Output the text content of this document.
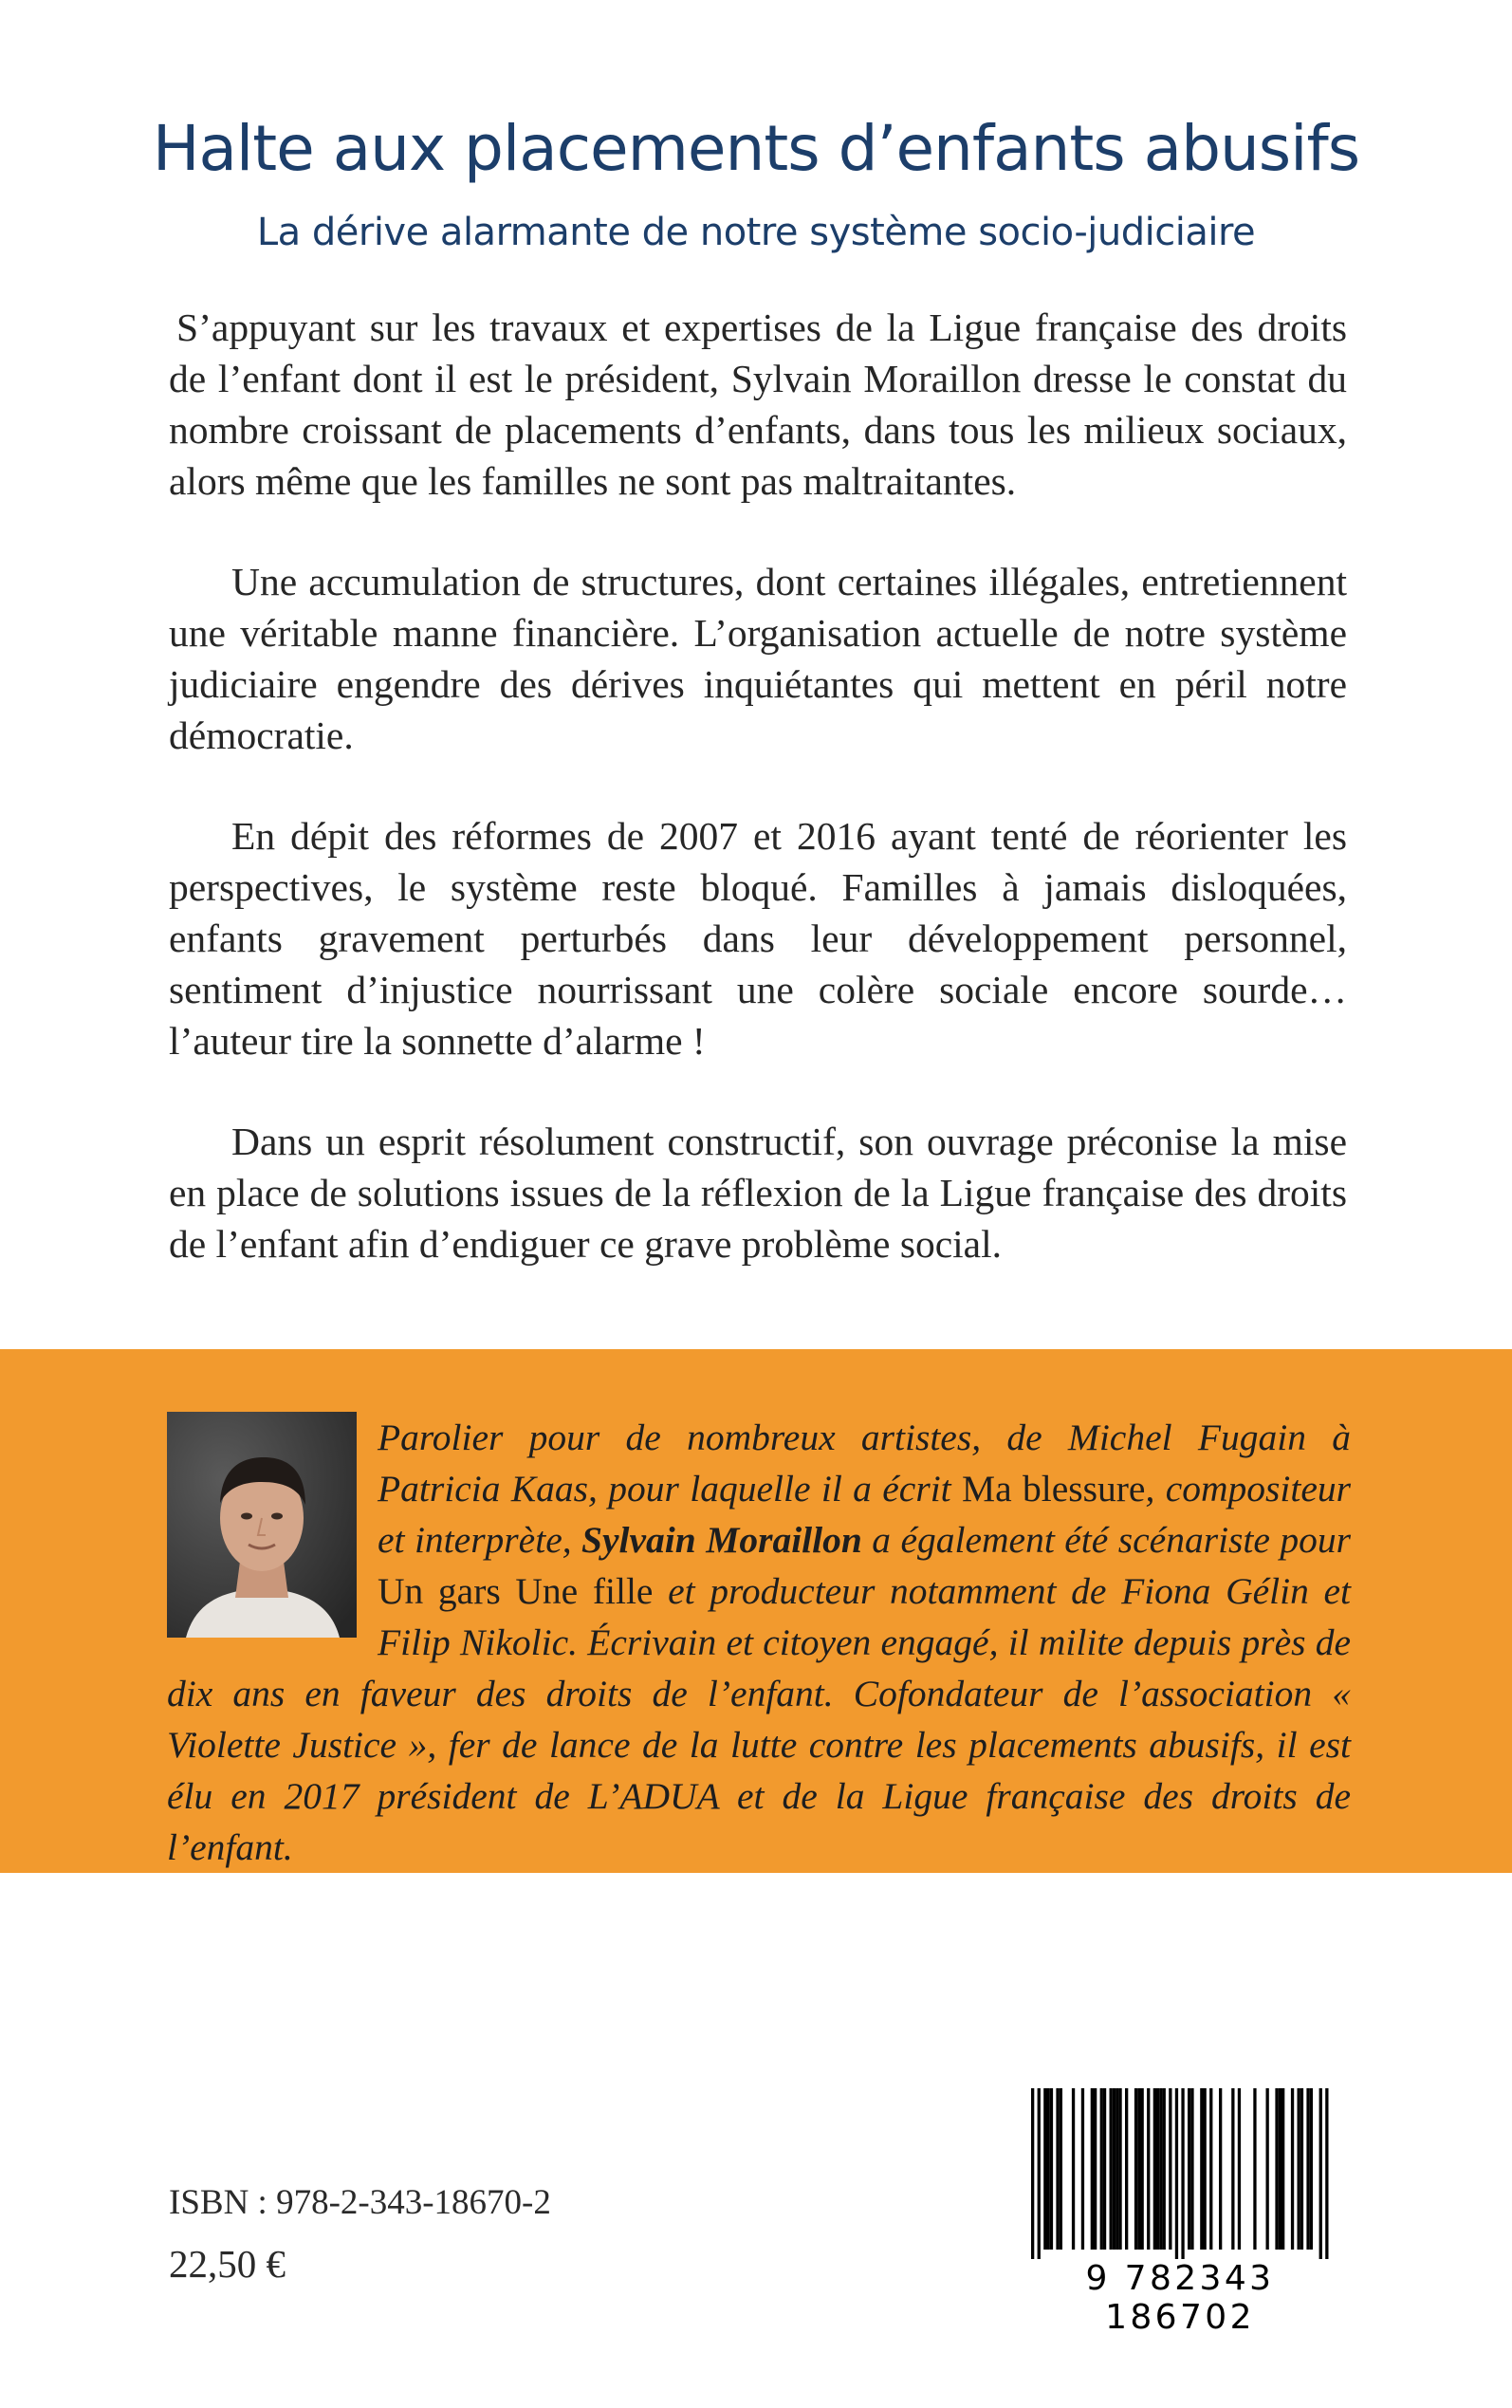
Halte aux placements d’enfants abusifs
La dérive alarmante de notre système socio-judiciaire

S’appuyant sur les travaux et expertises de la Ligue française des droits de l’enfant dont il est le président, Sylvain Moraillon dresse le constat du nombre croissant de placements d’enfants, dans tous les milieux sociaux, alors même que les familles ne sont pas maltraitantes.

Une accumulation de structures, dont certaines illégales, entretiennent une véritable manne financière. L’organisation actuelle de notre système judiciaire engendre des dérives inquiétantes qui mettent en péril notre démocratie.

En dépit des réformes de 2007 et 2016 ayant tenté de réorienter les perspectives, le système reste bloqué. Familles à jamais disloquées, enfants gravement perturbés dans leur développement personnel, sentiment d’injustice nourrissant une colère sociale encore sourde… l’auteur tire la sonnette d’alarme !

Dans un esprit résolument constructif, son ouvrage préconise la mise en place de solutions issues de la réflexion de la Ligue française des droits de l’enfant afin d’endiguer ce grave problème social.

Parolier pour de nombreux artistes, de Michel Fugain à Patricia Kaas, pour laquelle il a écrit Ma blessure, compositeur et interprète, Sylvain Moraillon a également été scénariste pour Un gars Une fille et producteur notamment de Fiona Gélin et Filip Nikolic. Écrivain et citoyen engagé, il milite depuis près de dix ans en faveur des droits de l’enfant. Cofondateur de l’association « Violette Justice », fer de lance de la lutte contre les placements abusifs, il est élu en 2017 président de L’ADUA et de la Ligue française des droits de l’enfant.
ISBN : 978-2-343-18670-2
22,50 €	9 782343 186702
